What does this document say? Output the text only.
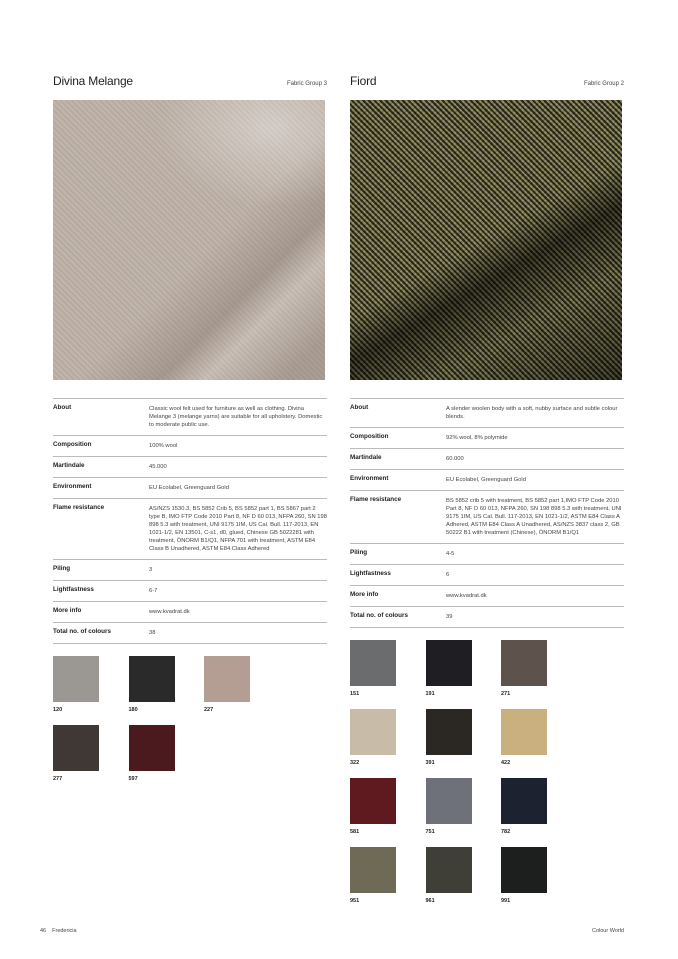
Divina Melange	Fabric Group 3
About	Classic wool felt used for furniture as well as clothing. Divina Melange 3 (melange yarns) are suitable for all upholstery. Domestic to moderate public use.
Composition	100% wool
Martindale	45.000
Environment	EU Ecolabel, Greenguard Gold
Flame resistance	AS/NZS 1530.3, BS 5852 Crib 5, BS 5852 part 1, BS 5867 part 2 type B, IMO FTP Code 2010 Part 8, NF D 60 013, NFPA 260, SN 198 898 5.3 with treatment, UNI 9175 1IM, US Cal. Bull. 117-2013, EN 1021-1/2, EN 13501, C-s1, d0, glued, Chinese GB 5022281 with treatment, ÖNORM B1/Q1, NFPA 701 with treatment, ASTM E84 Class B Unadhered, ASTM E84 Class Adhered
Piling	3
Lightfastness	6-7
More info	www.kvadrat.dk
Total no. of colours	38
120	180	227
277	597
Fiord	Fabric Group 2
About	A slender woolen body with a soft, nubby surface and subtle colour blends.
Composition	92% wool, 8% polymide
Martindale	60.000
Environment	EU Ecolabel, Greenguard Gold
Flame resistance	BS 5852 crib 5 with treatment, BS 5852 part 1,IMO FTP Code 2010 Part 8, NF D 60 013, NFPA 260, SN 198 898 5.3 with treatment, UNI 9175 1IM, US Cal. Bull. 117-2013, EN 1021-1/2, ASTM E84 Class A Adhered, ASTM E84 Class A Unadhered, AS/NZS 3837 class 2, GB 50222 B1 with treatment (Chinese), ÖNORM B1/Q1
Piling	4-5
Lightfastness	6
More info	www.kvadrat.dk
Total no. of colours	39
151	191	271
322	391	422
581	751	782
951	961	991
46 Fredericia	Colour World
